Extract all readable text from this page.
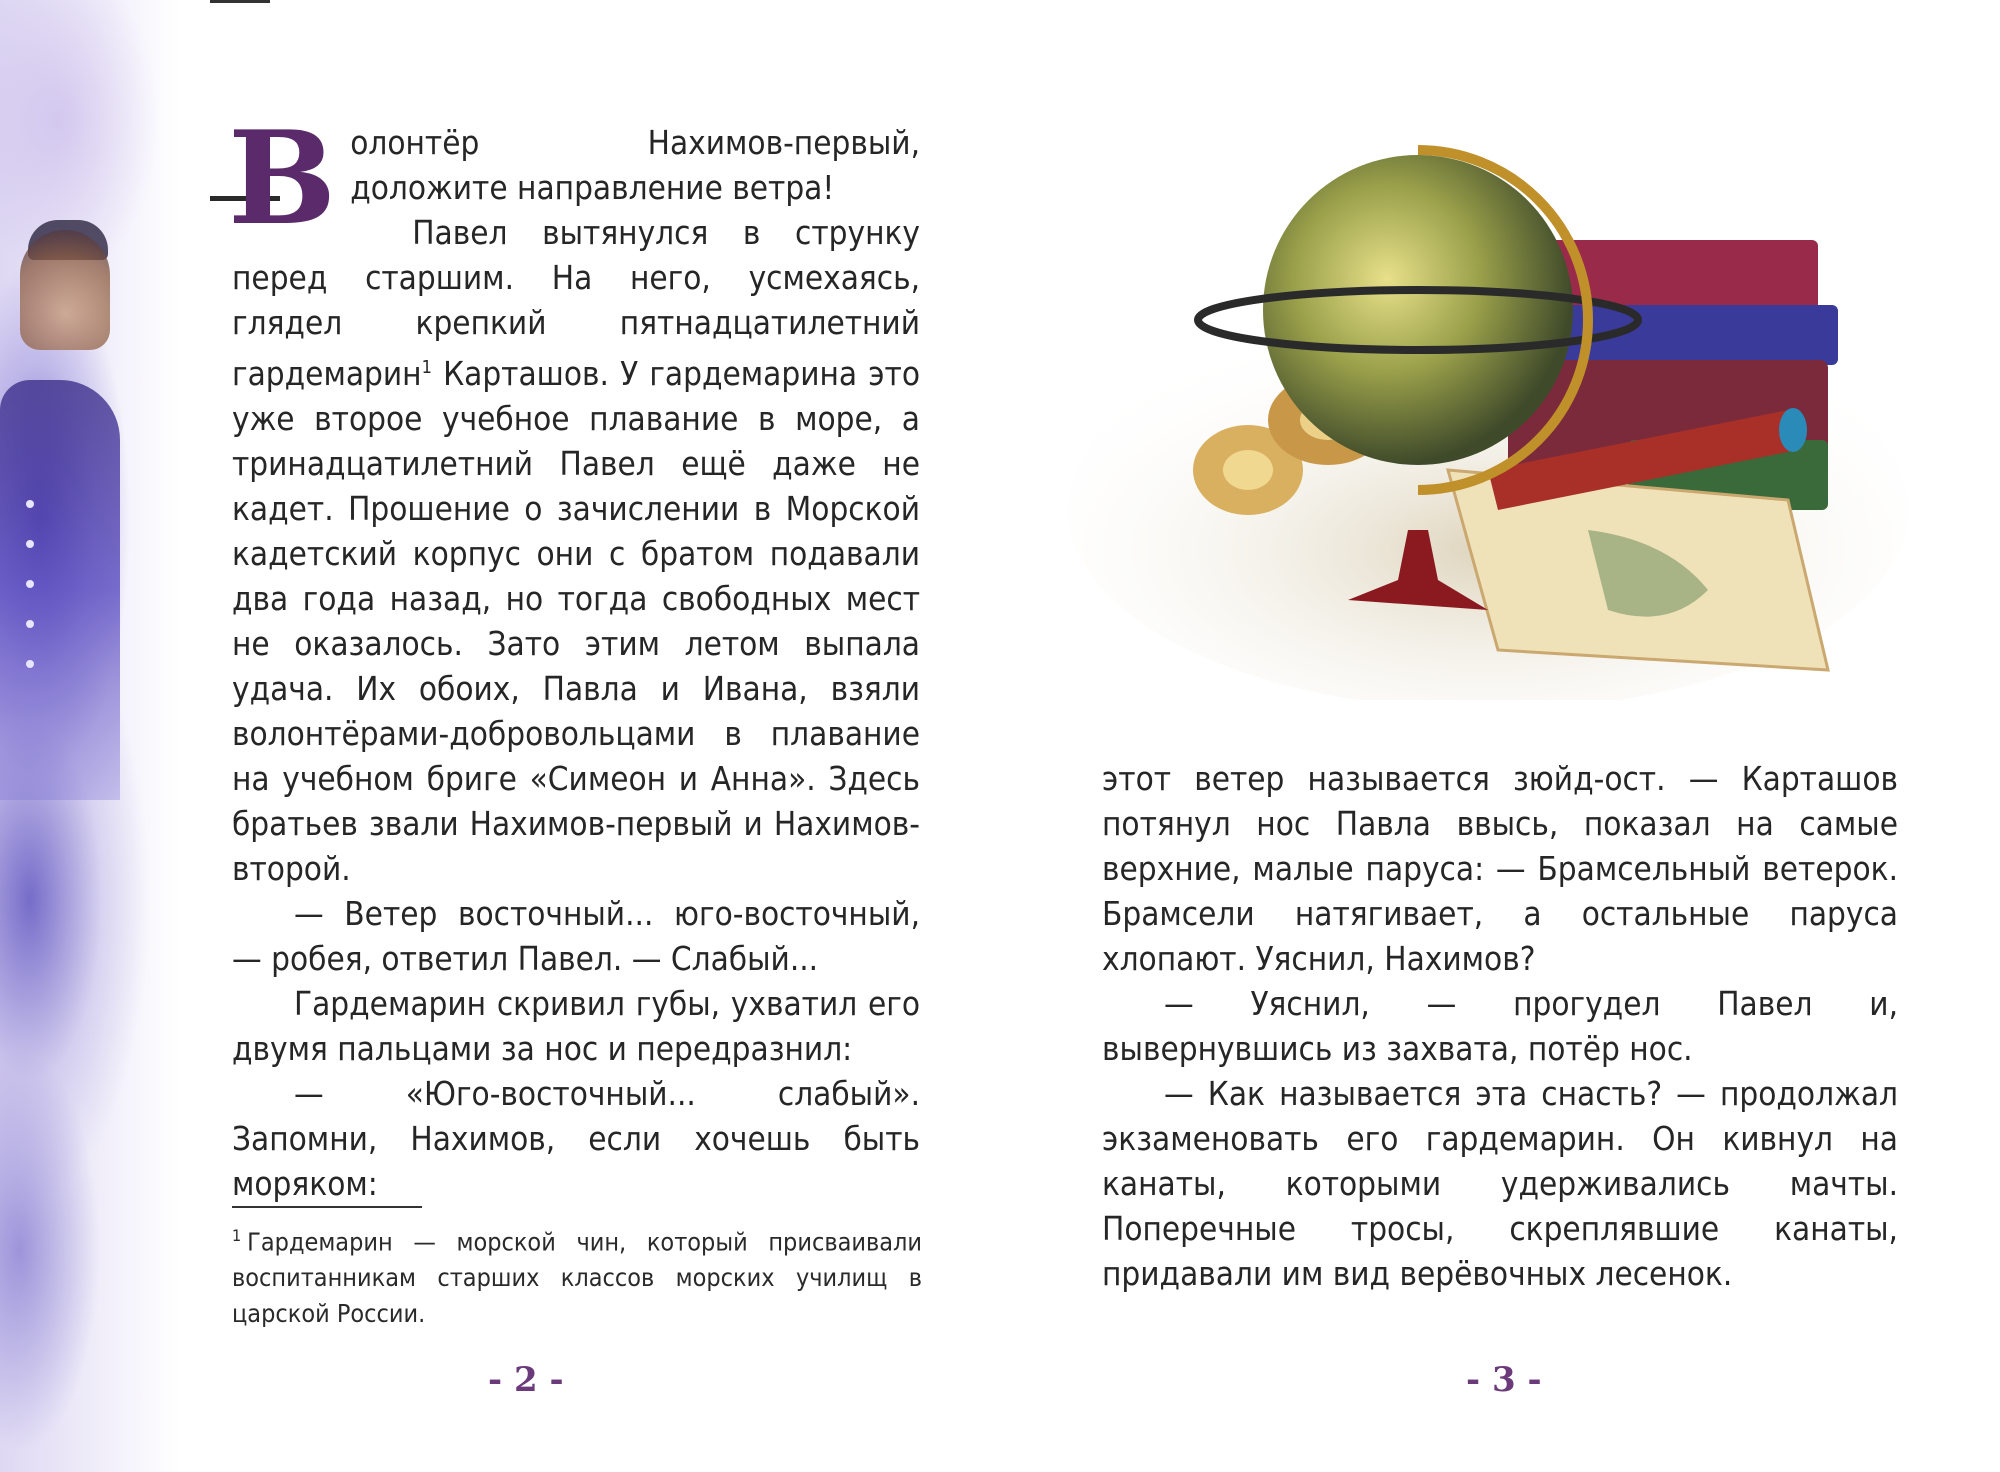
В олонтёр Нахимов-первый, доложите направление ветра!

Павел вытянулся в струнку перед старшим. На него, усмехаясь, глядел крепкий пятнадцатилетний гардемарин$^1$ Карташов. У гардемарина это уже второе учебное плавание в море, а тринадцатилетний Павел ещё даже не кадет. Прошение о зачислении в Морской кадетский корпус они с братом подавали два года назад, но тогда свободных мест не оказалось. Зато этим летом выпала удача. Их обоих, Павла и Ивана, взяли волонтёрами-добровольцами в плавание на учебном бриге «Симеон и Анна». Здесь братьев звали Нахимов-первый и Нахимов-второй.

— Ветер восточный... юго-восточный, — робея, ответил Павел. — Слабый...

Гардемарин скривил губы, ухватил его двумя пальцами за нос и передразнил:

— «Юго-восточный... слабый». Запомни, Нахимов, если хочешь быть моряком:

$^1$ Гардемарин — морской чин, который присваивали воспитанникам старших классов морских училищ в царской России.
- 2 -

этот ветер называется зюйд-ост. — Карташов потянул нос Павла ввысь, показал на самые верхние, малые паруса: — Брамсельный ветерок. Брамсели натягивает, а остальные паруса хлопают. Уяснил, Нахимов?

— Уяснил, — прогудел Павел и, вывернувшись из захвата, потёр нос.

— Как называется эта снасть? — продолжал экзаменовать его гардемарин. Он кивнул на канаты, которыми удерживались мачты. Поперечные тросы, скреплявшие канаты, придавали им вид верёвочных лесенок.

- 3 -
